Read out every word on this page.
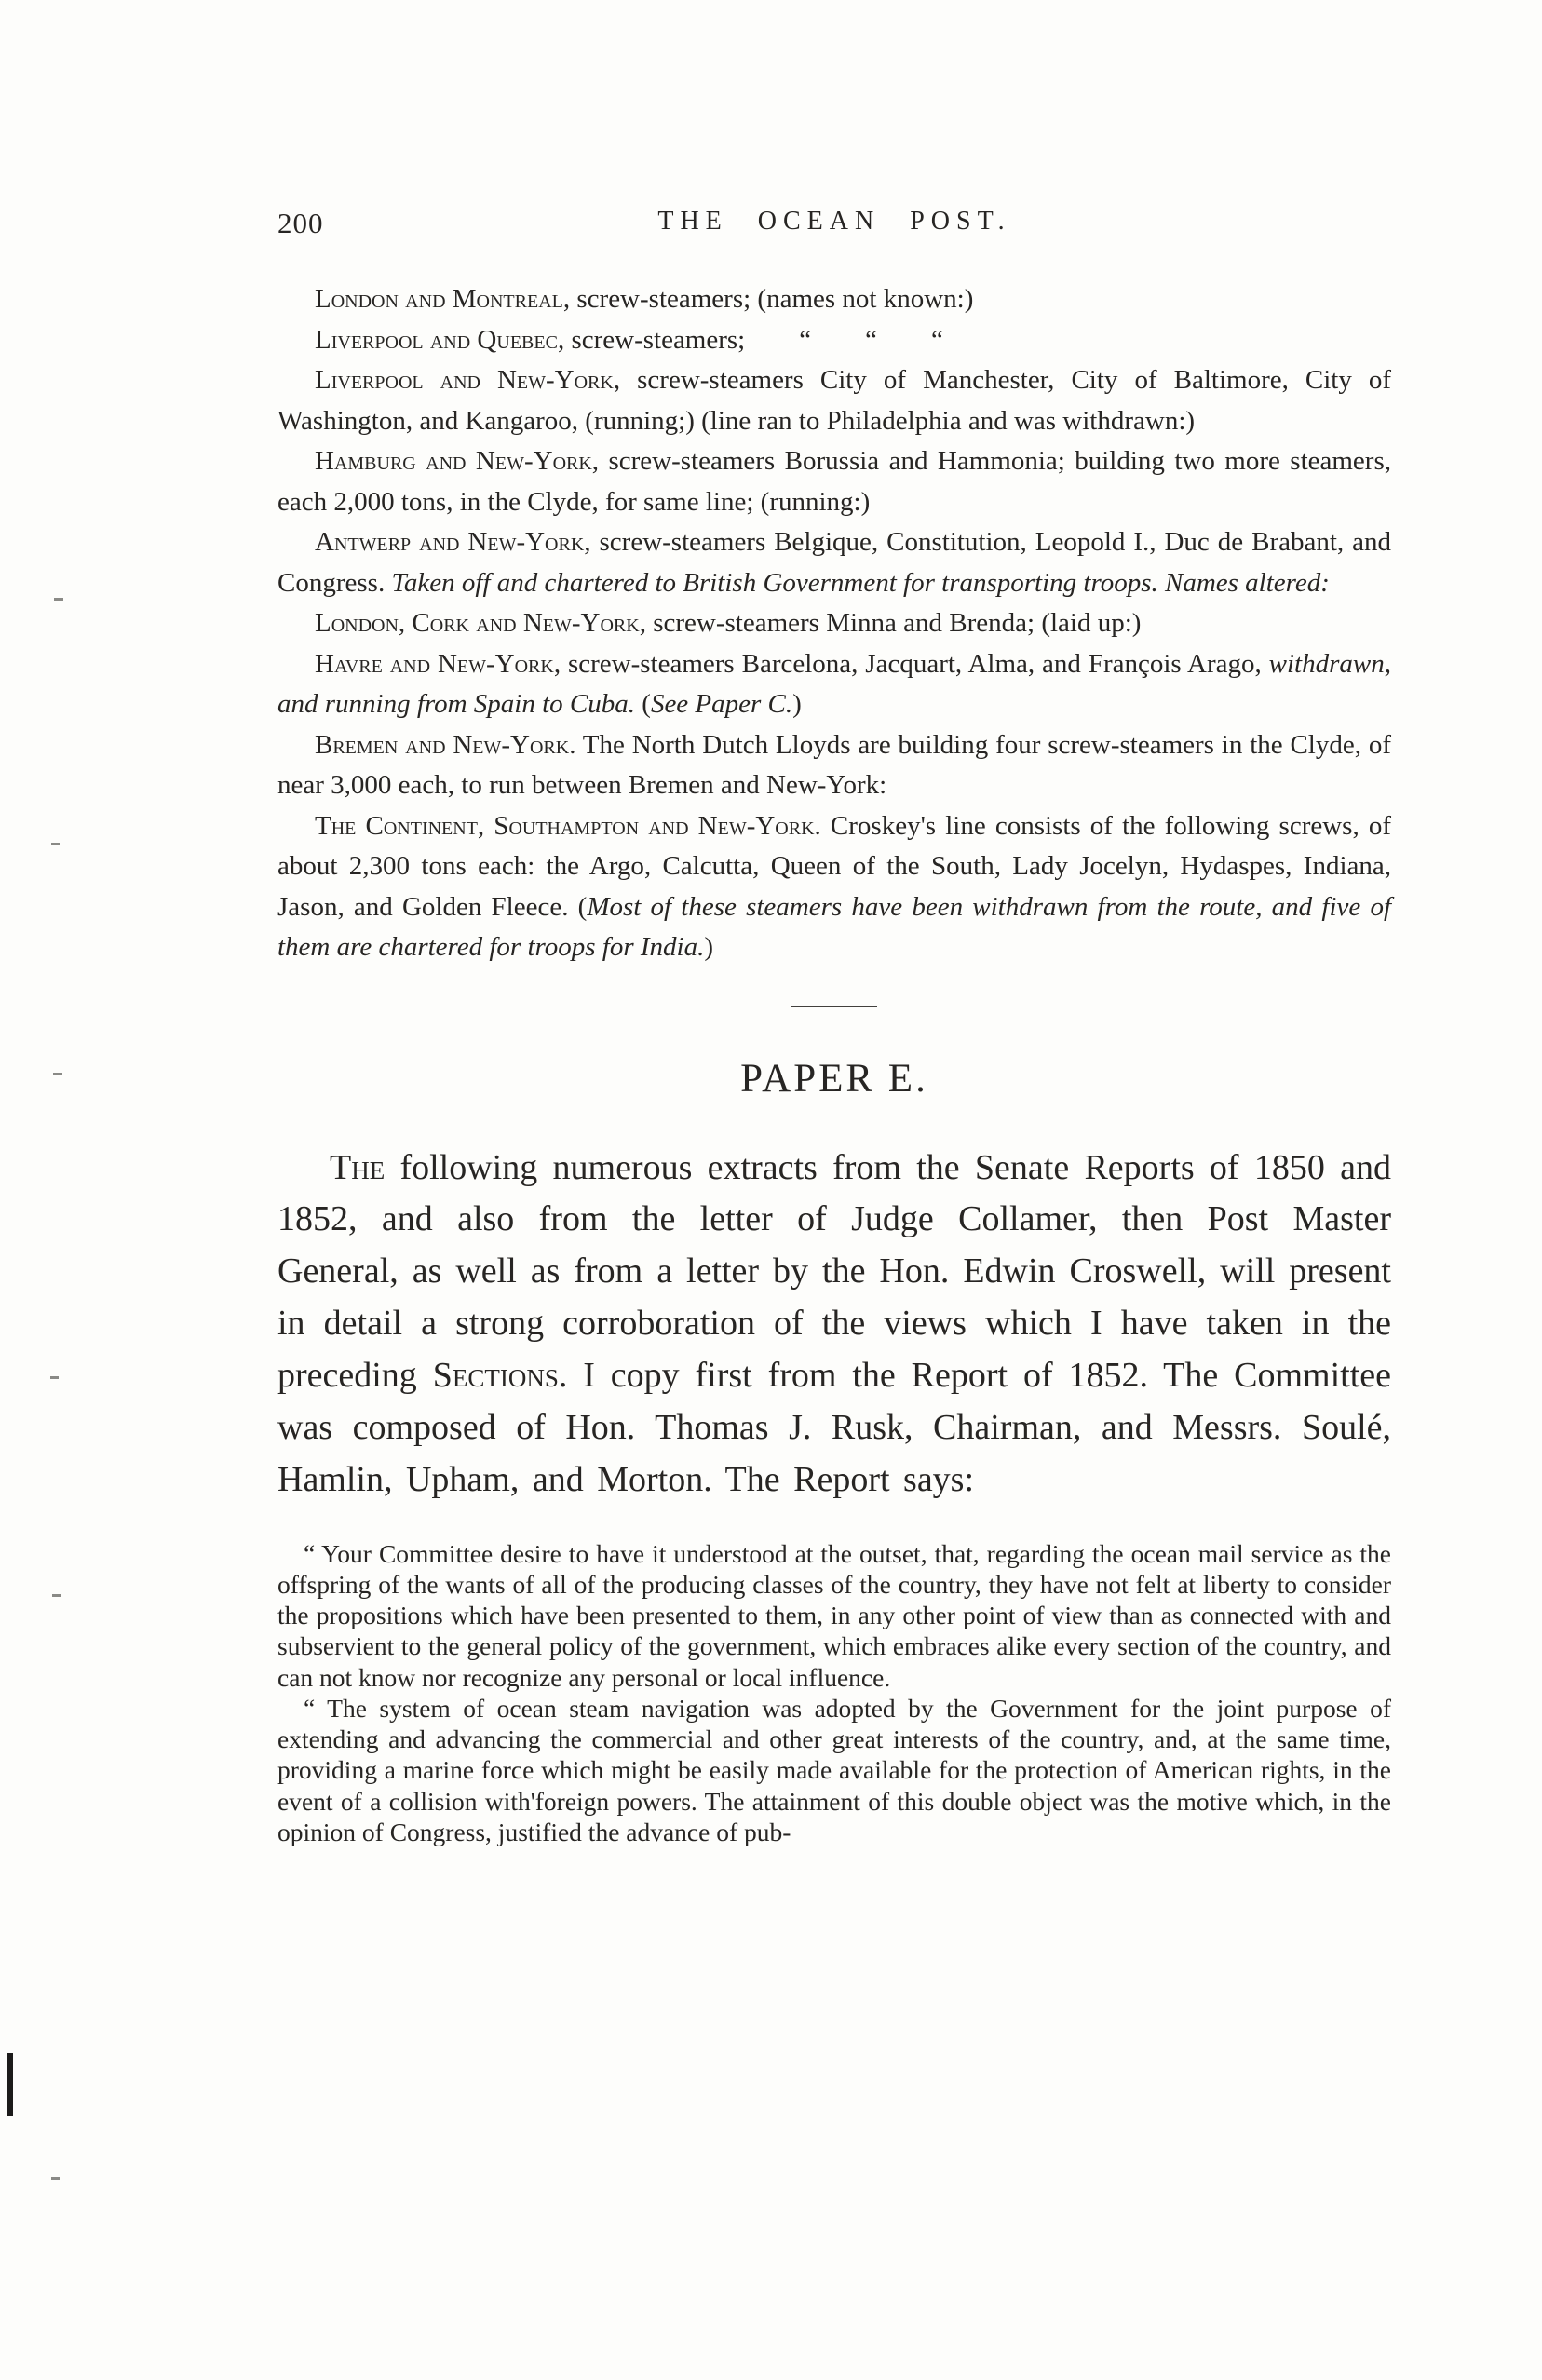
200	THE OCEAN POST.

London and Montreal, screw-steamers; (names not known:)

Liverpool and Quebec, screw-steamers;  “  “  “

Liverpool and New-York, screw-steamers City of Manchester, City of Baltimore, City of Washington, and Kangaroo, (running;) (line ran to Philadelphia and was withdrawn:)

Hamburg and New-York, screw-steamers Borussia and Hammonia; building two more steamers, each 2,000 tons, in the Clyde, for same line; (running:)

Antwerp and New-York, screw-steamers Belgique, Constitution, Leopold I., Duc de Brabant, and Congress. Taken off and chartered to British Government for transporting troops. Names altered:

London, Cork and New-York, screw-steamers Minna and Brenda; (laid up:)

Havre and New-York, screw-steamers Barcelona, Jacquart, Alma, and François Arago, withdrawn, and running from Spain to Cuba. (See Paper C.)

Bremen and New-York. The North Dutch Lloyds are building four screw-steamers in the Clyde, of near 3,000 each, to run between Bremen and New-York:

The Continent, Southampton and New-York. Croskey's line consists of the following screws, of about 2,300 tons each: the Argo, Calcutta, Queen of the South, Lady Jocelyn, Hydaspes, Indiana, Jason, and Golden Fleece. (Most of these steamers have been withdrawn from the route, and five of them are chartered for troops for India.)

PAPER E.

The following numerous extracts from the Senate Reports of 1850 and 1852, and also from the letter of Judge Collamer, then Post Master General, as well as from a letter by the Hon. Edwin Croswell, will present in detail a strong corroboration of the views which I have taken in the preceding Sections. I copy first from the Report of 1852. The Committee was composed of Hon. Thomas J. Rusk, Chairman, and Messrs. Soulé, Hamlin, Upham, and Morton. The Report says:

“ Your Committee desire to have it understood at the outset, that, regarding the ocean mail service as the offspring of the wants of all of the producing classes of the country, they have not felt at liberty to consider the propositions which have been presented to them, in any other point of view than as connected with and subservient to the general policy of the government, which embraces alike every section of the country, and can not know nor recognize any personal or local influence.

“ The system of ocean steam navigation was adopted by the Government for the joint purpose of extending and advancing the commercial and other great interests of the country, and, at the same time, providing a marine force which might be easily made available for the protection of American rights, in the event of a collision with'foreign powers. The attainment of this double object was the motive which, in the opinion of Congress, justified the advance of pub-
